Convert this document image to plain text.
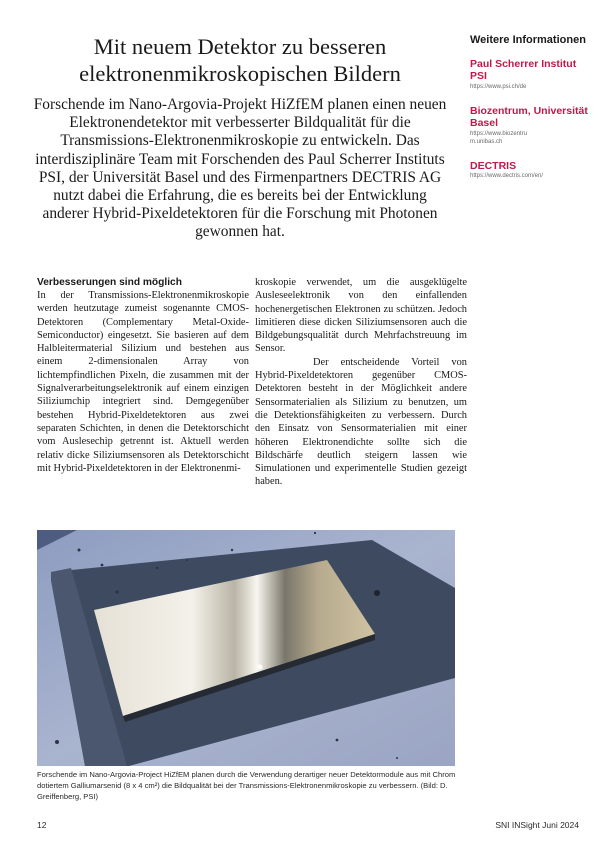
Mit neuem Detektor zu besseren elektronenmikroskopischen Bildern
Forschende im Nano-Argovia-Projekt HiZfEM planen einen neuen Elektronendetektor mit verbesserter Bildqualität für die Transmissions-Elektronenmikroskopie zu entwickeln. Das interdisziplinäre Team mit Forschenden des Paul Scherrer Instituts PSI, der Universität Basel und des Firmenpartners DECTRIS AG nutzt dabei die Erfahrung, die es bereits bei der Entwicklung anderer Hybrid-Pixeldetektoren für die Forschung mit Photonen gewonnen hat.
Weitere Informationen
Paul Scherrer Institut PSI
https://www.psi.ch/de
Biozentrum, Universität Basel
https://www.biozentrum.unibas.ch
DECTRIS
https://www.dectris.com/en/
Verbesserungen sind möglich

In der Transmissions-Elektronenmikroskopie werden heutzutage zumeist sogenannte CMOS-Detektoren (Complementary Metal-Oxide-Semiconductor) eingesetzt. Sie basieren auf dem Halbleitermaterial Silizium und bestehen aus einem 2-dimensionalen Array von lichtempfindlichen Pixeln, die zusammen mit der Signalverarbeitungselektronik auf einem einzigen Siliziumchip integriert sind. Demgegenüber bestehen Hybrid-Pixeldetektoren aus zwei separaten Schichten, in denen die Detektorschicht vom Auslesechip getrennt ist. Aktuell werden relativ dicke Siliziumsensoren als Detektorschicht mit Hybrid-Pixeldetektoren in der Elektronenmi-

kroskopie verwendet, um die ausgeklügelte Ausleseelektronik von den einfallenden hochenergetischen Elektronen zu schützen. Jedoch limitieren diese dicken Siliziumsensoren auch die Bildgebungsqualität durch Mehrfachstreuung im Sensor.

Der entscheidende Vorteil von Hybrid-Pixeldetektoren gegenüber CMOS-Detektoren besteht in der Möglichkeit andere Sensormaterialien als Silizium zu benutzen, um die Detektionsfähigkeiten zu verbessern. Durch den Einsatz von Sensormaterialien mit einer höheren Elektronendichte sollte sich die Bildschärfe deutlich steigern lassen wie Simulationen und experimentelle Studien gezeigt haben.

Forschende im Nano-Argovia-Project HiZfEM planen durch die Verwendung derartiger neuer Detektormodule aus mit Chrom dotiertem Galliumarsenid (8 x 4 cm²) die Bildqualität bei der Transmissions-Elektronenmikroskopie zu verbessern. (Bild: D. Greiffenberg, PSI)
12	SNI INSight Juni 2024
